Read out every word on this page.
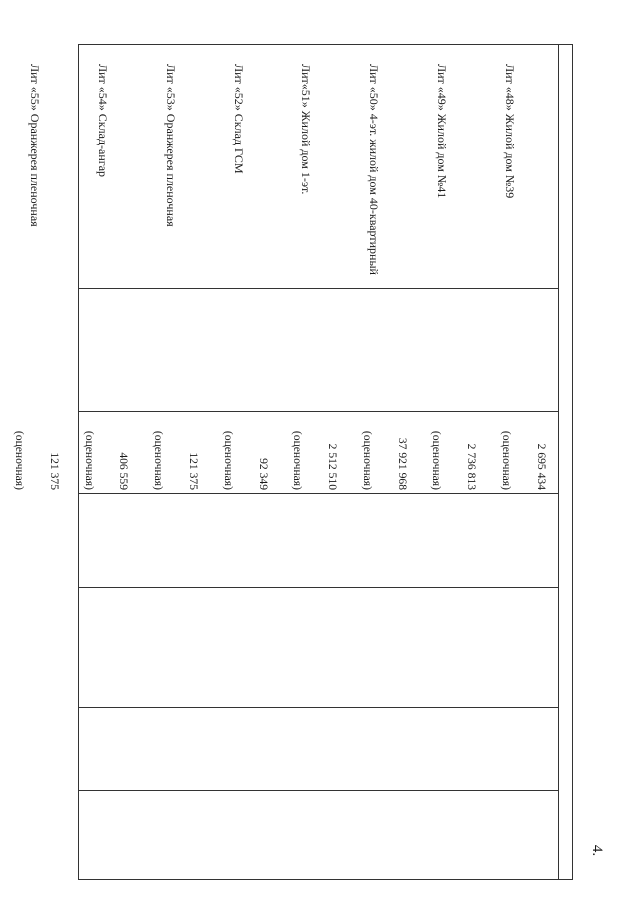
4.

Лит «48» Жилой дом №39

Лит «49» Жилой дом №41

Лит «50» 4-эт. жилой дом 40-квартирный

Лит«51» Жилой дом 1-эт.

Лит «52» Склад ГСМ

Лит «53» Оранжерея пленочная

Лит «54» Склад-ангар

Лит «55» Оранжерея пленочная

2 695 434

(оценочная)

2 736 813

(оценочная)

37 921 968

(оценочная)

2 512 510

(оценочная)

92 349

(оценочная)

121 375

(оценочная)

406 559

(оценочная)

121 375

(оценочная)
